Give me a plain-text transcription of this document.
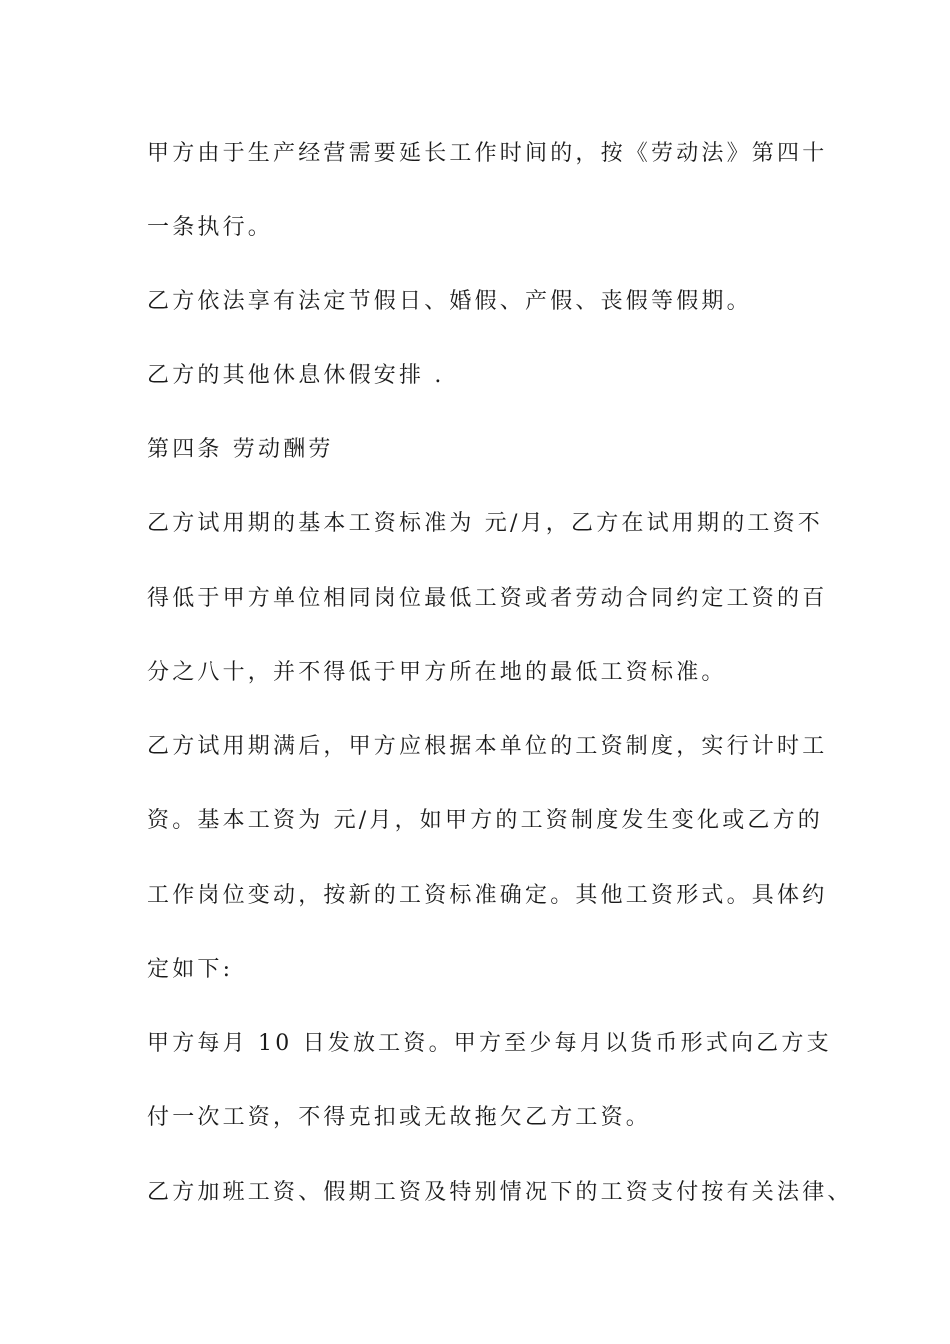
甲方由于生产经营需要延长工作时间的，按《劳动法》第四十
一条执行。
乙方依法享有法定节假日、婚假、产假、丧假等假期。
乙方的其他休息休假安排 .
第四条 劳动酬劳
乙方试用期的基本工资标准为 元/月，乙方在试用期的工资不
得低于甲方单位相同岗位最低工资或者劳动合同约定工资的百
分之八十，并不得低于甲方所在地的最低工资标准。
乙方试用期满后，甲方应根据本单位的工资制度，实行计时工
资。基本工资为 元/月，如甲方的工资制度发生变化或乙方的
工作岗位变动，按新的工资标准确定。其他工资形式。具体约
定如下:
甲方每月 10 日发放工资。甲方至少每月以货币形式向乙方支
付一次工资，不得克扣或无故拖欠乙方工资。
乙方加班工资、假期工资及特别情况下的工资支付按有关法律、
